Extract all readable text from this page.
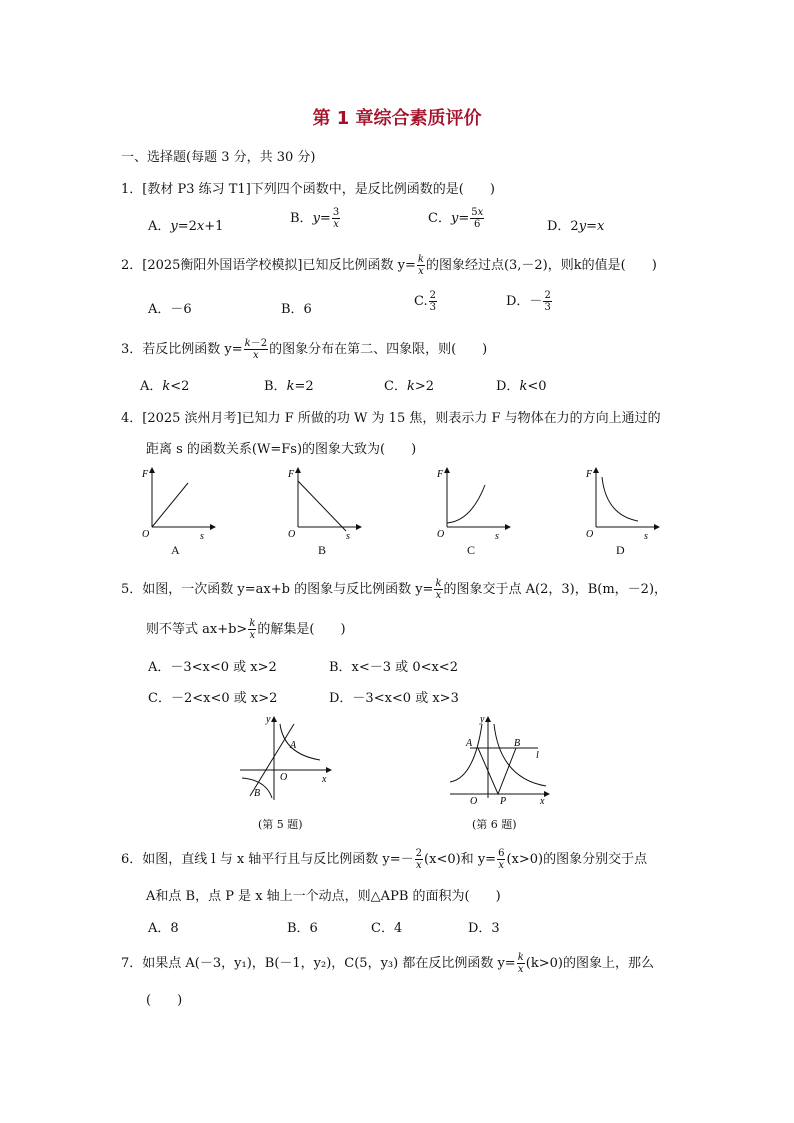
第 1 章综合素质评价
一、选择题(每题 3 分，共 30 分)
1．[教材 P3 练习 T1]下列四个函数中，是反比例函数的是(　　)
A．y=2x+1
B．$y= \frac{3}{x}$	C．$y= \frac{5x}{6}$	D．2y=x
2．[2025衡阳外国语学校模拟]已知反比例函数 $y= \frac{k}{x}$ 的图象经过点(3,－2)，则k的值是(　　)
A．－6	B．6
C. $\frac{2}{3}$	D．－ $\frac{2}{3}$
3．若反比例函数 $y= \frac{k-2}{x}$ 的图象分布在第二、四象限，则(　　)
A．k<2	B．k=2	C．k>2	D．k<0
4．[2025 滨州月考]已知力 F 所做的功 W 为 15 焦，则表示力 F 与物体在力的方向上通过的
距离 s 的函数关系(W=Fs)的图象大致为(　　)
F
O	s
A
F
O	s
B
F
O	s
C
F
O	s
D
5．如图，一次函数 y=ax+b 的图象与反比例函数 $y= \frac{k}{x}$ 的图象交于点 A(2，3)，B(m，－2)，
则不等式 $ax+b> \frac{k}{x}$ 的解集是(　　)
A．－3<x<0 或 x>2	B．x<－3 或 0<x<2
C．－2<x<0 或 x>2	D．－3<x<0 或 x>3
y
O	x
A
B
(第 5 题)
y
A	B
l
O P	x
(第 6 题)
6．如图，直线 l 与 x 轴平行且与反比例函数 $y=- \frac{2}{x} (x<0)$和 $y= \frac{6}{x} (x>0)$的图象分别交于点
A和点 B，点 P 是 x 轴上一个动点，则△APB 的面积为(　　)
A．8	B．6	C．4	D．3
7．如果点 A(－3，y₁)，B(－1，y₂)，C(5，y₃) 都在反比例函数 $y= \frac{k}{x} (k>0)$的图象上，那么
(　　)
